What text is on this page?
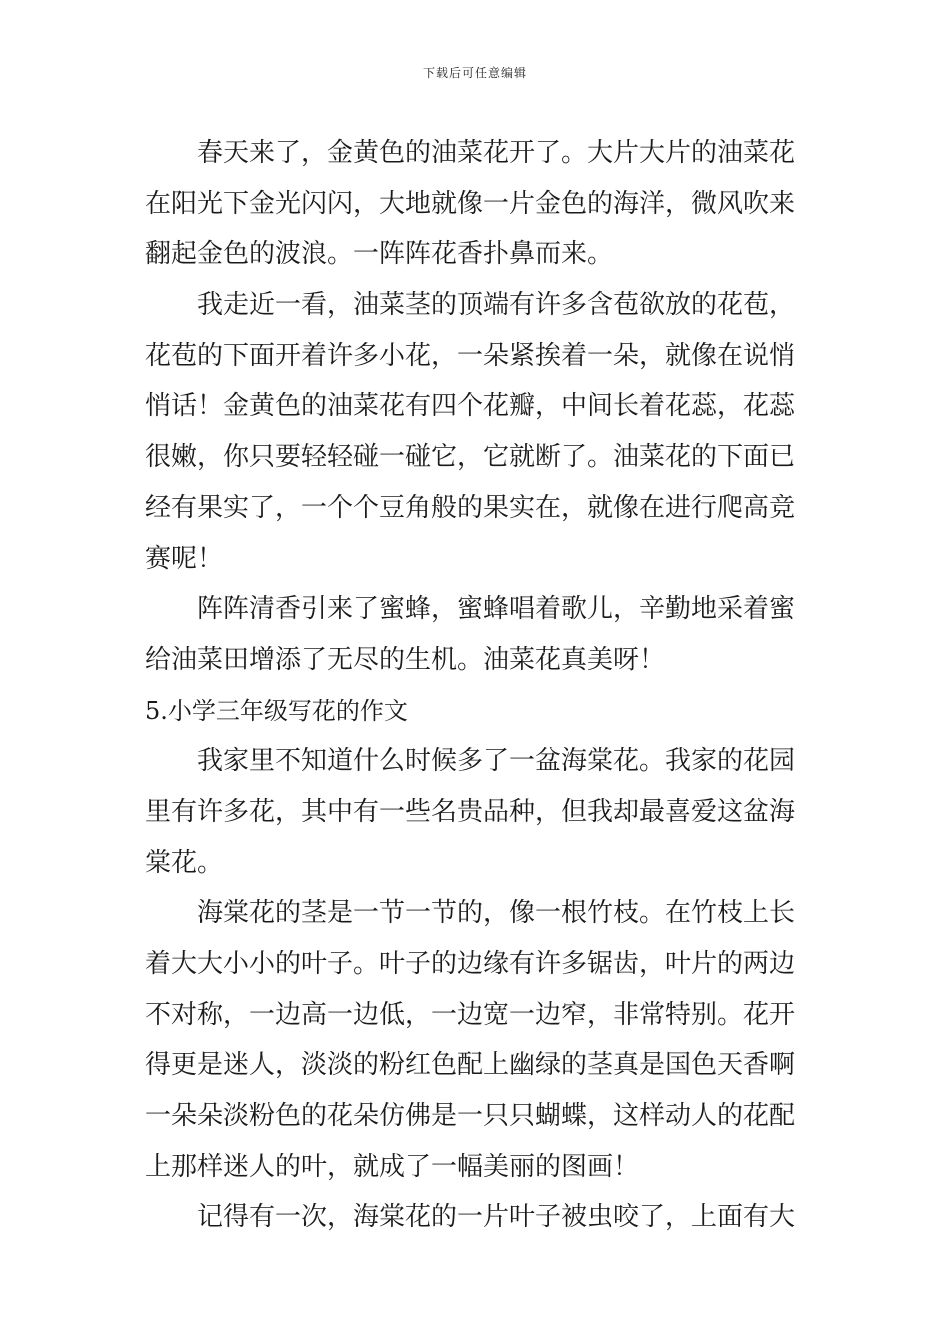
下载后可任意编辑
春天来了，金黄色的油菜花开了。大片大片的油菜花
在阳光下金光闪闪，大地就像一片金色的海洋，微风吹来
翻起金色的波浪。一阵阵花香扑鼻而来。
我走近一看，油菜茎的顶端有许多含苞欲放的花苞，
花苞的下面开着许多小花，一朵紧挨着一朵，就像在说悄
悄话！金黄色的油菜花有四个花瓣，中间长着花蕊，花蕊
很嫩，你只要轻轻碰一碰它，它就断了。油菜花的下面已
经有果实了，一个个豆角般的果实在，就像在进行爬高竞
赛呢！
阵阵清香引来了蜜蜂，蜜蜂唱着歌儿，辛勤地采着蜜
给油菜田增添了无尽的生机。油菜花真美呀！
5.小学三年级写花的作文
我家里不知道什么时候多了一盆海棠花。我家的花园
里有许多花，其中有一些名贵品种，但我却最喜爱这盆海
棠花。
海棠花的茎是一节一节的，像一根竹枝。在竹枝上长
着大大小小的叶子。叶子的边缘有许多锯齿，叶片的两边
不对称，一边高一边低，一边宽一边窄，非常特别。花开
得更是迷人，淡淡的粉红色配上幽绿的茎真是国色天香啊
一朵朵淡粉色的花朵仿佛是一只只蝴蝶，这样动人的花配
上那样迷人的叶，就成了一幅美丽的图画！
记得有一次，海棠花的一片叶子被虫咬了，上面有大
